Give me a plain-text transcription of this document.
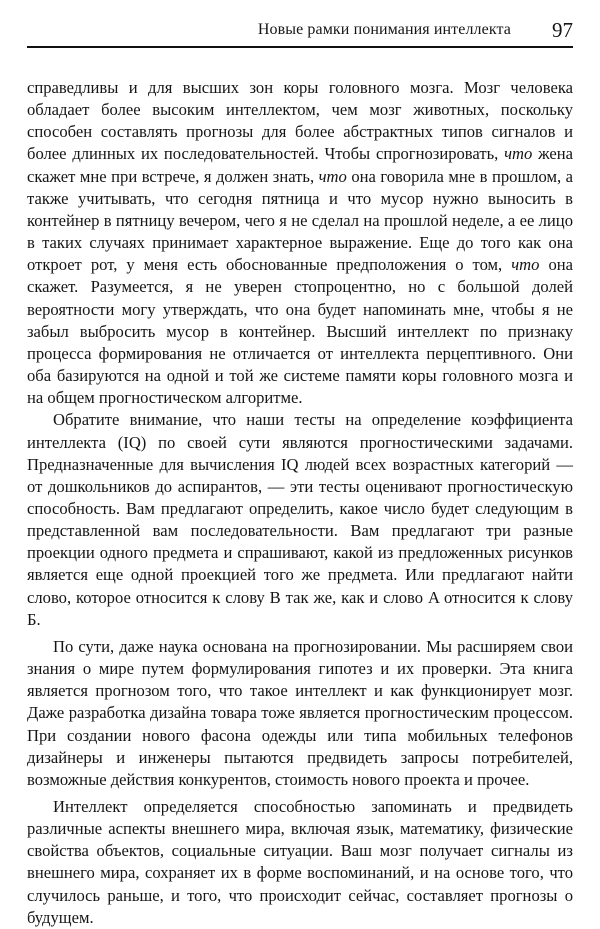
Новые рамки понимания интеллекта 97

справедливы и для высших зон коры головного мозга. Мозг человека обладает более высоким интеллектом, чем мозг животных, поскольку способен составлять прогнозы для более абстрактных типов сигналов и более длинных их последовательностей. Чтобы спрогнозировать, что жена скажет мне при встрече, я должен знать, что она говорила мне в прошлом, а также учитывать, что сегодня пятница и что мусор нужно выносить в контейнер в пятницу вечером, чего я не сделал на прошлой неделе, а ее лицо в таких случаях принимает характерное выражение. Еще до того как она откроет рот, у меня есть обоснованные предположения о том, что она скажет. Разумеется, я не уверен стопроцентно, но с большой долей вероятности могу утверждать, что она будет напоминать мне, чтобы я не забыл выбросить мусор в контейнер. Высший интеллект по признаку процесса формирования не отличается от интеллекта перцептивного. Они оба базируются на одной и той же системе памяти коры головного мозга и на общем прогностическом алгоритме.

Обратите внимание, что наши тесты на определение коэффициента интеллекта (IQ) по своей сути являются прогностическими задачами. Предназначенные для вычисления IQ людей всех возрастных категорий — от дошкольников до аспирантов, — эти тесты оценивают прогностическую способность. Вам предлагают определить, какое число будет следующим в представленной вам последовательности. Вам предлагают три разные проекции одного предмета и спрашивают, какой из предложенных рисунков является еще одной проекцией того же предмета. Или предлагают найти слово, которое относится к слову B так же, как и слово A относится к слову Б.

По сути, даже наука основана на прогнозировании. Мы расширяем свои знания о мире путем формулирования гипотез и их проверки. Эта книга является прогнозом того, что такое интеллект и как функционирует мозг. Даже разработка дизайна товара тоже является прогностическим процессом. При создании нового фасона одежды или типа мобильных телефонов дизайнеры и инженеры пытаются предвидеть запросы потребителей, возможные действия конкурентов, стоимость нового проекта и прочее.

Интеллект определяется способностью запоминать и предвидеть различные аспекты внешнего мира, включая язык, математику, физические свойства объектов, социальные ситуации. Ваш мозг получает сигналы из внешнего мира, сохраняет их в форме воспоминаний, и на основе того, что случилось раньше, и того, что происходит сейчас, составляет прогнозы о будущем.
